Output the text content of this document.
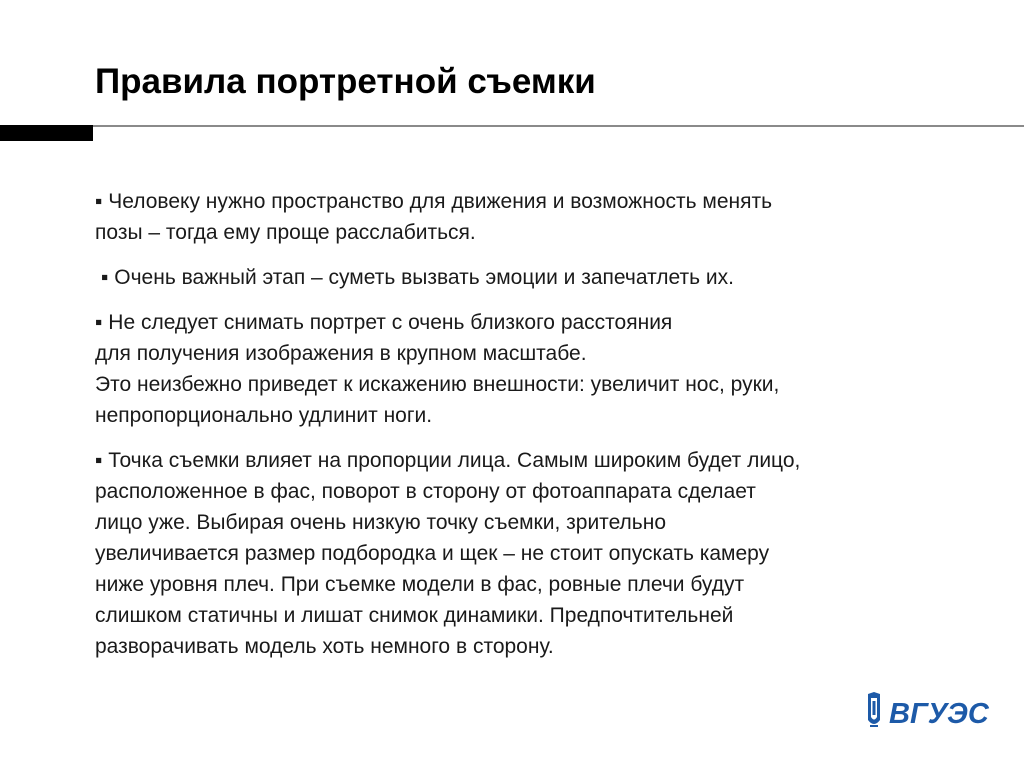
Правила портретной съемки
▪ Человеку нужно пространство для движения и возможность менять
позы – тогда ему проще расслабиться.
▪ Очень важный этап – суметь вызвать эмоции и запечатлеть их.
▪ Не следует снимать портрет с очень близкого расстояния
для получения изображения в крупном масштабе.
Это неизбежно приведет к искажению внешности: увеличит нос, руки,
непропорционально удлинит ноги.
▪ Точка съемки влияет на пропорции лица. Самым широким будет лицо,
расположенное в фас, поворот в сторону от фотоаппарата сделает
лицо уже. Выбирая очень низкую точку съемки, зрительно
увеличивается размер подбородка и щек – не стоит опускать камеру
ниже уровня плеч. При съемке модели в фас, ровные плечи будут
слишком статичны и лишат снимок динамики. Предпочтительней
разворачивать модель хоть немного в сторону.
ВГУЭС
